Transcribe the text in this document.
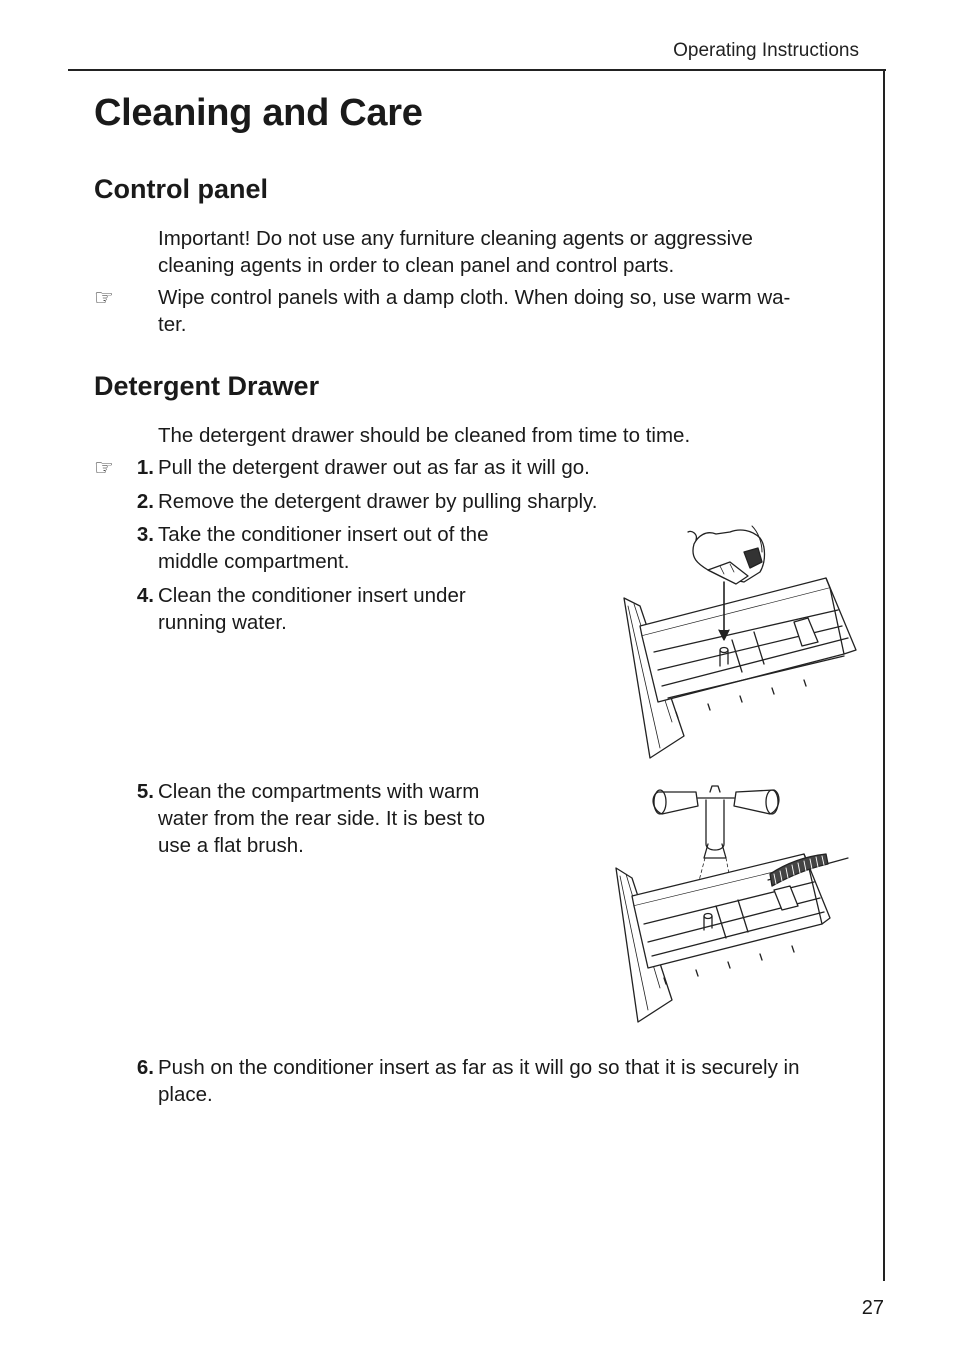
Operating Instructions
Cleaning and Care
Control panel
Important! Do not use any furniture cleaning agents or aggressive
cleaning agents in order to clean panel and control parts.
☞ Wipe control panels with a damp cloth. When doing so, use warm wa-
ter.
Detergent Drawer
The detergent drawer should be cleaned from time to time.
☞	1. Pull the detergent drawer out as far as it will go.
2. Remove the detergent drawer by pulling sharply.
3. Take the conditioner insert out of the
middle compartment.
4. Clean the conditioner insert under
running water.
5. Clean the compartments with warm
water from the rear side. It is best to
use a flat brush.
6. Push on the conditioner insert as far as it will go so that it is securely in
place.
27
